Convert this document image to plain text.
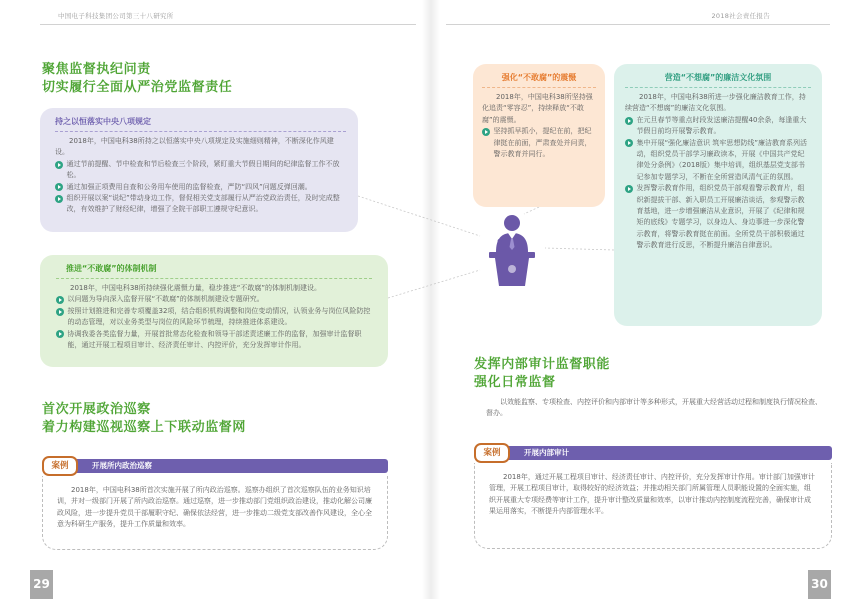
中国电子科技集团公司第三十八研究所
聚焦监督执纪问责
切实履行全面从严治党监督责任
持之以恒落实中央八项规定
2018年，中国电科38所持之以恒落实中央八项规定及实施细则精神，不断深化作风建设。
通过节前提醒、节中检查和节后检查三个阶段，紧盯重大节假日期间的纪律监督工作不放松。
通过加强正项费用自查和公务用车使用的监督检查，严防“四风”问题反弹回潮。
组织开展以案“说纪”带动身边工作，督促相关党支部履行从严治党政治责任，及时完成整改，有效维护了财经纪律，增强了全院干部职工遵规守纪意识。
推进“不敢腐”的体制机制
2018年，中国电科38所持续强化震慑力量，稳步推进“不敢腐”的体制机制建设。
以问题为导向深入监督开展“不敢腐”的体制机制建设专题研究。
按照计划推进和完善专项覆盖32项，结合组织机构调整和岗位变动情况，认领业务与岗位风险防控的动态管理，对以业务类型与岗位的风险环节梳理，持续推进体系建设。
协调我委各类监督力量，开展首批常态化检查和领导干部述责述廉工作的监督，加强审计监督职能，通过开展工程项目审计、经济责任审计、内控评价，充分发挥审计作用。
首次开展政治巡察
着力构建巡视巡察上下联动监督网
案例	开展所内政治巡察
2018年，中国电科38所首次实施开展了所内政治巡察。巡察办组织了首次巡察队伍的业务知识培训，并对一级部门开展了所内政治巡察。通过巡察，进一步推动部门党组织政治建设，推动化解公司廉政风险，进一步提升党员干部履职守纪、确保依法经营，进一步推动二级党支部改善作风建设，全心全意为科研生产服务，提升工作质量和效率。
29
2018社会责任报告
强化“不敢腐”的震慑
2018年，中国电科38所坚持强化追责“零容忍”，持续释放“不敢腐”的震慑。
坚持抓早抓小，提纪在前，把纪律挺在前面，严肃查处并问责，警示教育并同行。
营造“不想腐”的廉洁文化氛围
2018年，中国电科38所进一步强化廉洁教育工作，持续营造“不想腐”的廉洁文化氛围。
在元旦春节等重点时段发送廉洁提醒40余条，每逢重大节假日前均开展警示教育。
集中开展“强化廉洁意识 筑牢思想防线”廉洁教育系列活动，组织党员干部学习廉政读本，开展《中国共产党纪律处分条例》（2018版）集中培训，组织基层党支部书记参加专题学习，不断在全所营造风清气正的氛围。
发挥警示教育作用，组织党员干部观看警示教育片，组织新提拔干部、新入职员工开展廉洁谈话，参观警示教育基地，进一步增强廉洁从业意识，开展了《纪律和规矩的底线》专题学习，以身边人、身边事进一步深化警示教育，将警示教育挺在前面。全所党员干部积极通过警示教育进行反思，不断提升廉洁自律意识。
发挥内部审计监督职能
强化日常监督
以效能监察、专项检查、内控评价和内部审计等多种形式，开展重大经营活动过程和制度执行情况检查、督办。
案例	开展内部审计
2018年，通过开展工程项目审计、经济责任审计、内控评价，充分发挥审计作用。审计部门加强审计管理，开展工程项目审计，取得较好的经济效益；并推动相关部门所属管理人员职能设置的全面实施，组织开展重大专项经费等审计工作，提升审计整改质量和效率，以审计推动内控制度流程完善，确保审计成果运用落实，不断提升内部管理水平。
30
